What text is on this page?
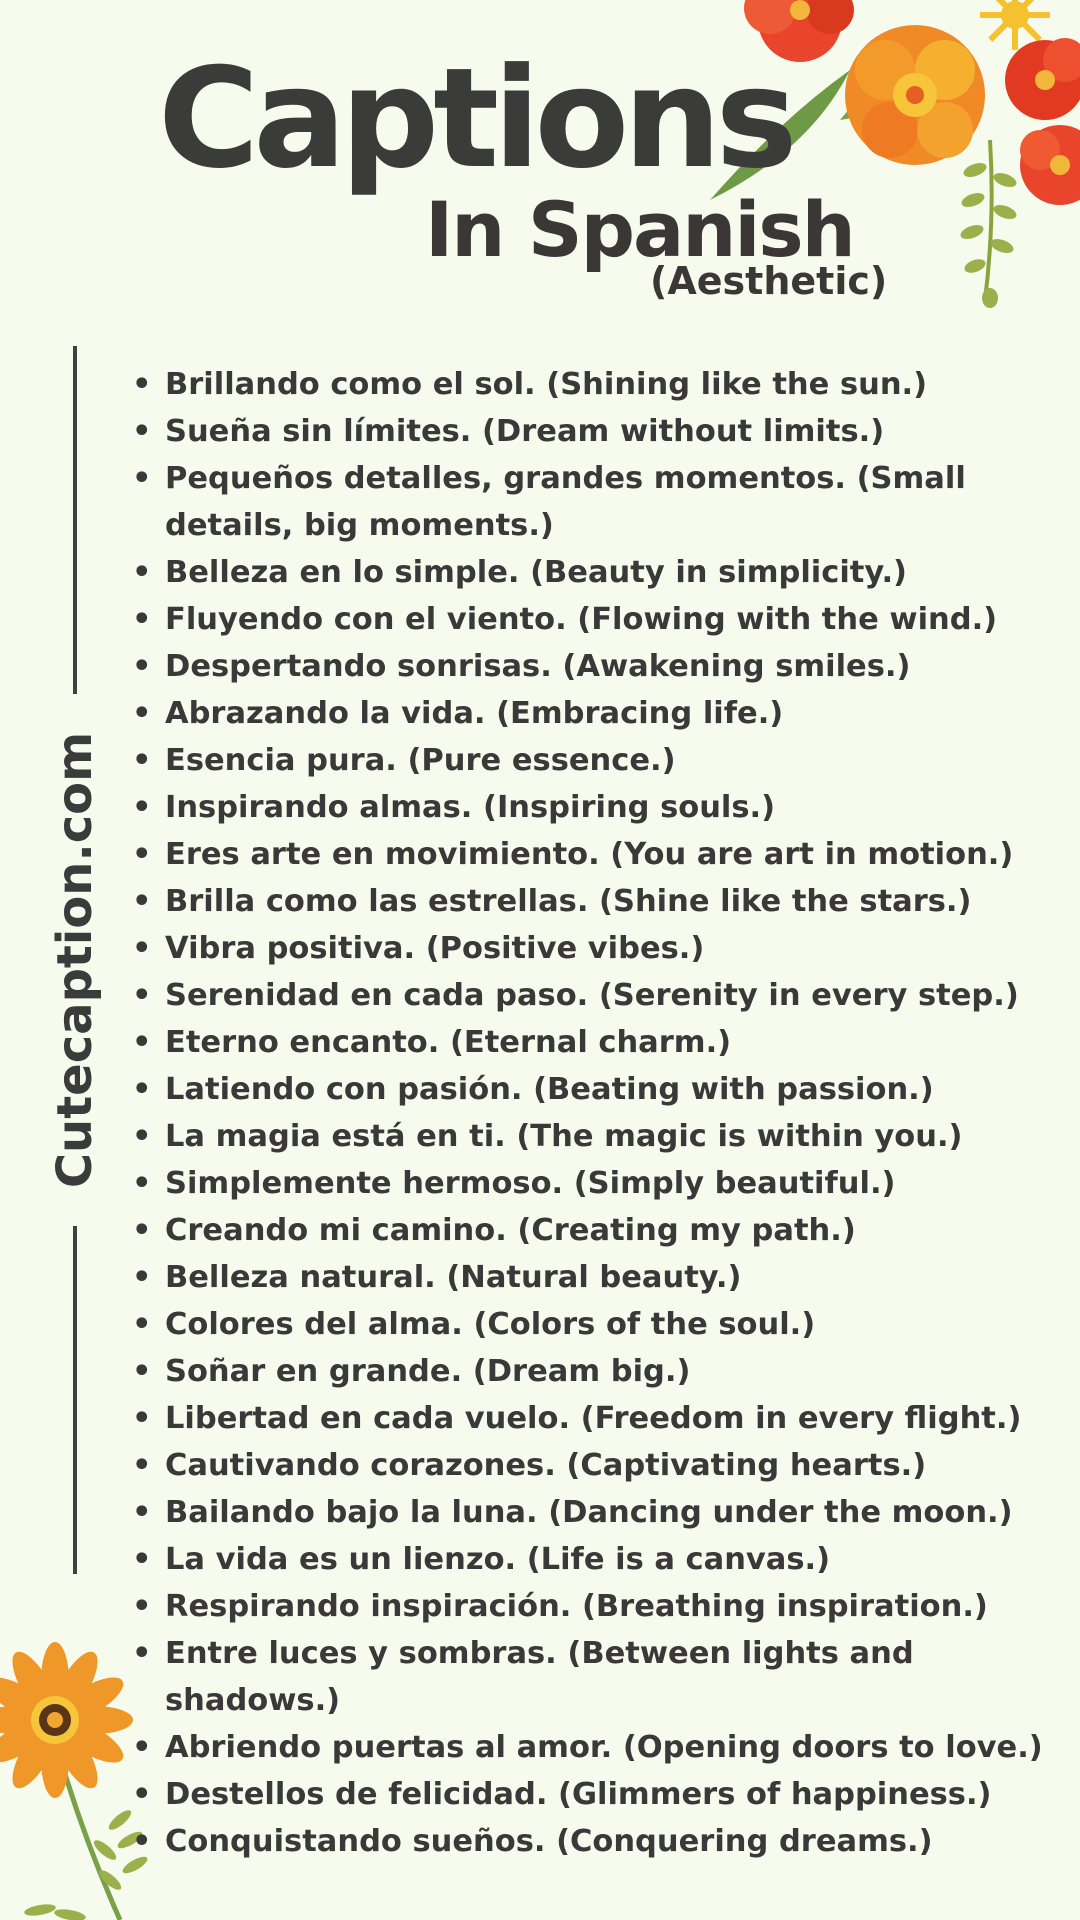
Captions
In Spanish
(Aesthetic)
Cutecaption.com
• Brillando como el sol. (Shining like the sun.)
• Sueña sin límites. (Dream without limits.)
• Pequeños detalles, grandes momentos. (Small details, big moments.)
• Belleza en lo simple. (Beauty in simplicity.)
• Fluyendo con el viento. (Flowing with the wind.)
• Despertando sonrisas. (Awakening smiles.)
• Abrazando la vida. (Embracing life.)
• Esencia pura. (Pure essence.)
• Inspirando almas. (Inspiring souls.)
• Eres arte en movimiento. (You are art in motion.)
• Brilla como las estrellas. (Shine like the stars.)
• Vibra positiva. (Positive vibes.)
• Serenidad en cada paso. (Serenity in every step.)
• Eterno encanto. (Eternal charm.)
• Latiendo con pasión. (Beating with passion.)
• La magia está en ti. (The magic is within you.)
• Simplemente hermoso. (Simply beautiful.)
• Creando mi camino. (Creating my path.)
• Belleza natural. (Natural beauty.)
• Colores del alma. (Colors of the soul.)
• Soñar en grande. (Dream big.)
• Libertad en cada vuelo. (Freedom in every flight.)
• Cautivando corazones. (Captivating hearts.)
• Bailando bajo la luna. (Dancing under the moon.)
• La vida es un lienzo. (Life is a canvas.)
• Respirando inspiración. (Breathing inspiration.)
• Entre luces y sombras. (Between lights and shadows.)
• Abriendo puertas al amor. (Opening doors to love.)
• Destellos de felicidad. (Glimmers of happiness.)
• Conquistando sueños. (Conquering dreams.)
